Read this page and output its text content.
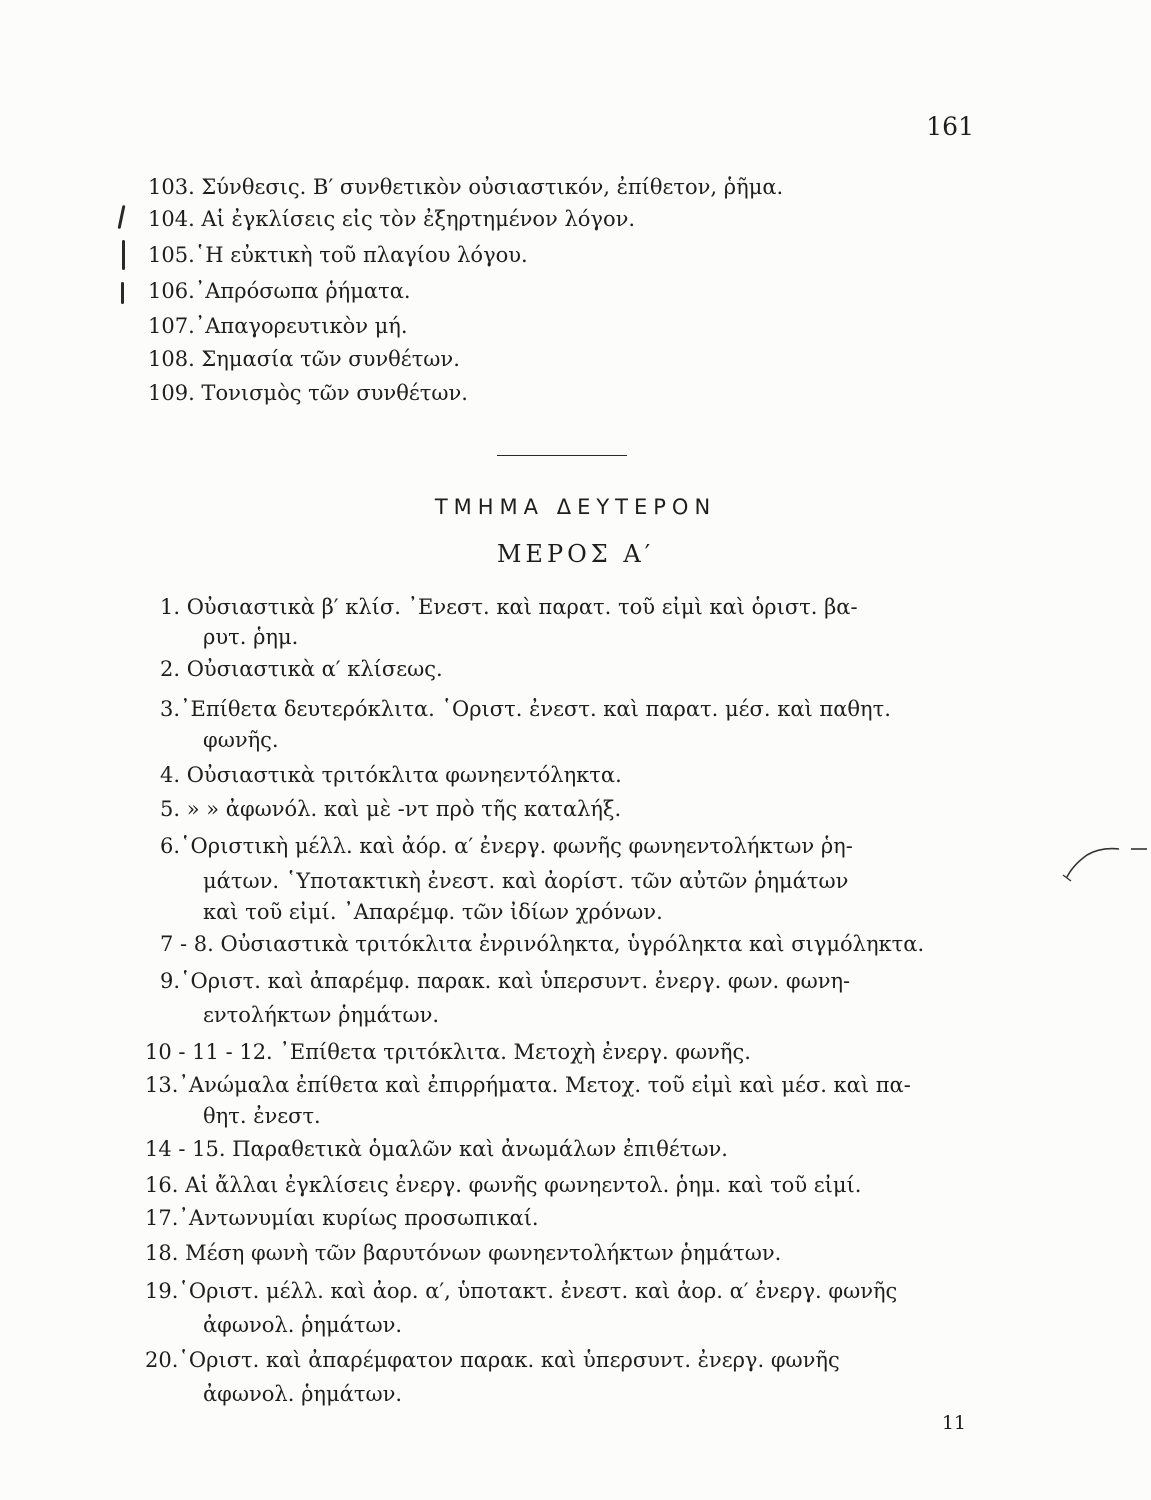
161
103. Σύνθεσις. Β′ συνθετικὸν οὐσιαστικόν, ἐπίθετον, ῥῆμα.
104. Αἱ ἐγκλίσεις εἰς τὸν ἐξηρτημένον λόγον.
105.῾Η εὐκτικὴ τοῦ πλαγίου λόγου.
106.᾽Απρόσωπα ῥήματα.
107.᾽Απαγορευτικὸν μή.
108. Σημασία τῶν συνθέτων.
109. Τονισμὸς τῶν συνθέτων.
ΤΜΗΜΑ ΔΕΥΤΕΡΟΝ
ΜΕΡΟΣ Α′
1. Οὐσιαστικὰ β′ κλίσ. ᾽Ενεστ. καὶ παρατ. τοῦ εἰμὶ καὶ ὁριστ. βα-
ρυτ. ῥημ.
2. Οὐσιαστικὰ α′ κλίσεως.
3.᾽Επίθετα δευτερόκλιτα. ῾Οριστ. ἐνεστ. καὶ παρατ. μέσ. καὶ παθητ.
φωνῆς.
4. Οὐσιαστικὰ τριτόκλιτα φωνηεντόληκτα.
5. » » ἀφωνόλ. καὶ μὲ -ντ πρὸ τῆς καταλήξ.
6.῾Οριστικὴ μέλλ. καὶ ἀόρ. α′ ἐνεργ. φωνῆς φωνηεντολήκτων ῥη-
μάτων. ῾Υποτακτικὴ ἐνεστ. καὶ ἀορίστ. τῶν αὐτῶν ῥημάτων
καὶ τοῦ εἰμί. ᾽Απαρέμφ. τῶν ἰδίων χρόνων.
7 - 8. Οὐσιαστικὰ τριτόκλιτα ἐνρινόληκτα, ὑγρόληκτα καὶ σιγμόληκτα.
9.῾Οριστ. καὶ ἀπαρέμφ. παρακ. καὶ ὑπερσυντ. ἐνεργ. φων. φωνη-
εντολήκτων ῥημάτων.
10 - 11 - 12. ᾽Επίθετα τριτόκλιτα. Μετοχὴ ἐνεργ. φωνῆς.
13.᾽Ανώμαλα ἐπίθετα καὶ ἐπιρρήματα. Μετοχ. τοῦ εἰμὶ καὶ μέσ. καὶ πα-
θητ. ἐνεστ.
14 - 15. Παραθετικὰ ὁμαλῶν καὶ ἀνωμάλων ἐπιθέτων.
16. Αἱ ἄλλαι ἐγκλίσεις ἐνεργ. φωνῆς φωνηεντολ. ῥημ. καὶ τοῦ εἰμί.
17.᾽Αντωνυμίαι κυρίως προσωπικαί.
18. Μέση φωνὴ τῶν βαρυτόνων φωνηεντολήκτων ῥημάτων.
19.῾Οριστ. μέλλ. καὶ ἀορ. α′, ὑποτακτ. ἐνεστ. καὶ ἀορ. α′ ἐνεργ. φωνῆς
ἀφωνολ. ῥημάτων.
20.῾Οριστ. καὶ ἀπαρέμφατον παρακ. καὶ ὑπερσυντ. ἐνεργ. φωνῆς
ἀφωνολ. ῥημάτων.
11
